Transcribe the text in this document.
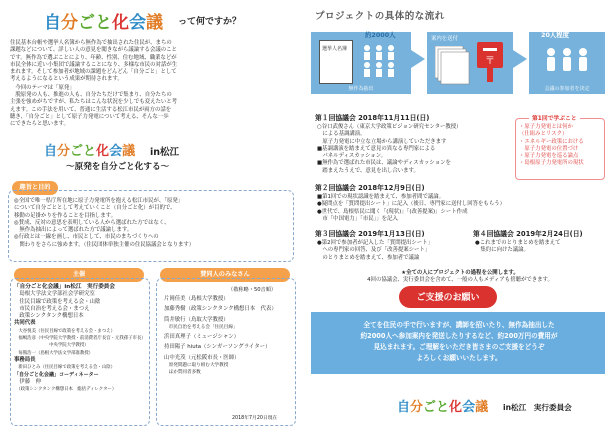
自分ごと化会議 って何ですか？

住民基本台帳や選挙人名簿から無作為で抽出された住民が、まちの

課題などについて、詳しい人の意見を聞きながら議論する会議のこと

です。無作為で選ぶことにより、年齢、性別、住む地域、職業などが

市民全体に近い小集団で議論することになり、多様な市民の対話が生

まれます。そして参加者が地域の課題をどんどん「自分ごと」として

考えるようになるという成果が期待されます。

　今回のテーマは「原発」

　脱原発の人も、推進の人も、自分たちだけで集まり、自分たちの

主張を強めがちですが、私たちはこんな状況を少しでも変えたいと考

えます。この手法を用いて、普通に生活する松江市民が両方の話を

聴き、「自分ごと」として原子力発電について考える、そんな一歩

にできたらと思います。

自分ごと化会議 in松江
〜原発を自分ごと化する〜
趣旨と目的

◎全国で唯一県庁所在地に原子力発電所を抱える松江市民が、「原発」

について自分ごととして考えていくこと（自分ごと化）が目的で、

移動の足掛かりを作ることを目指します。

◎賛成、反対の意思を表明している人から選ばれた方ではなく、

　無作為抽出によって選ばれた方で議論します。

◎行政とは一線を画し、市民として、市民のまちづくりへの

　関わりをさらに強めます。（住民団体単独主催の住民協議会となります）

主催

「自分ごと化会議」in松江　実行委員会

　島根大学法文学部社会学研究室

　住民目線で政策を考える会・山陰

　市民自治を考える会・まつえ

　政策シンクタンク構想日本

共同代表

　大谷悦美（住民目線で政策を考える会・まつえ）

　福嶋浩彦（中央学院大学教授・前消費者庁長官・元我孫子市長）

　　　　　　　　中央学院大学教授）

　毎熊浩一（島根大学法文学部准教授）

事務局長

　新田ひとみ（住民目線で政策を考える会・山陰）

「自分ごと化会議」コーディネーター

　伊藤　伸

　（政策シンクタンク構想日本　総括ディレクター）

賛同人のみなさん
（敬称略・50音順）

片岡佳美（島根大学教授）

加藤秀樹（政策シンクタンク構想日本　代表）

筒井敏行（鳥取大学教授）

　市民自治を考える会「住民目線」

浜田真理子（ミュージシャン）

持田陽子 hiuta（シンガーソングライター）

山中光茂（元松阪市長・医師）

　原発問題に取り組む大学教授

　ほか賛同者多数

2018年7月20日現在
プロジェクトの具体的な流れ
選挙人名簿
無作為抽出
約2000人	案内を送付
〒
20人程度
会議の参加者を決定
第１回協議会 2018年11月11日(日)

○谷口武俊さん（東京大学政策ビジョン研究センター教授）

　による基調講演。

　原子力発電に中立な立場から講演していただきます

■基調講演を踏まえて意見の異なる専門家による

　パネルディスカッション。

■無作為で選ばれた市民は、議論やディスカッションを

　踏まえたうえで、意見を出し合います。

第1回で学ぶこと

・原子力発電とは何か

（仕組みとリスク）

・エネルギー政策における

　原子力発電の位置づけ

・原子力発電を巡る論点

・島根原子力発電所の現状

第２回協議会 2018年12月9日(日)

■第1回での現状認識を踏まえて、参加者間で議論。

●疑問点を「質問提出シート」に記入（後日、専門家に送付し回答をもらう）

●世代で、島根県民に聞く「(現状)」「(改善提案)」シート作成

　市「中国電力」「市民」」を記入

第３回協議会 2019年1月13日(日)

●第2回で参加者が記入した「質問提出シート」

　への専門家の回答、及び「改善提案シート」

　のとりまとめを踏まえて、参加者で議論

第４回協議会 2019年2月24日(日)

●これまでのとりまとめを踏まえて

　集約に向けた議論。

★全ての人にプロジェクトの過程を公開します。

4回の協議会、実行委員会を含めて、一般の人もメディアも傍聴ができます。

ご支援のお願い

全てを住民の手で行いますが、講師を招いたり、無作為抽出した

約2000人へ参加案内を発送したりするなど、約200万円の費用が

見込まれます。ご理解をいただき皆さまのご支援をどうぞ

よろしくお願いいたします。

自分ごと化会議 in松江　実行委員会
